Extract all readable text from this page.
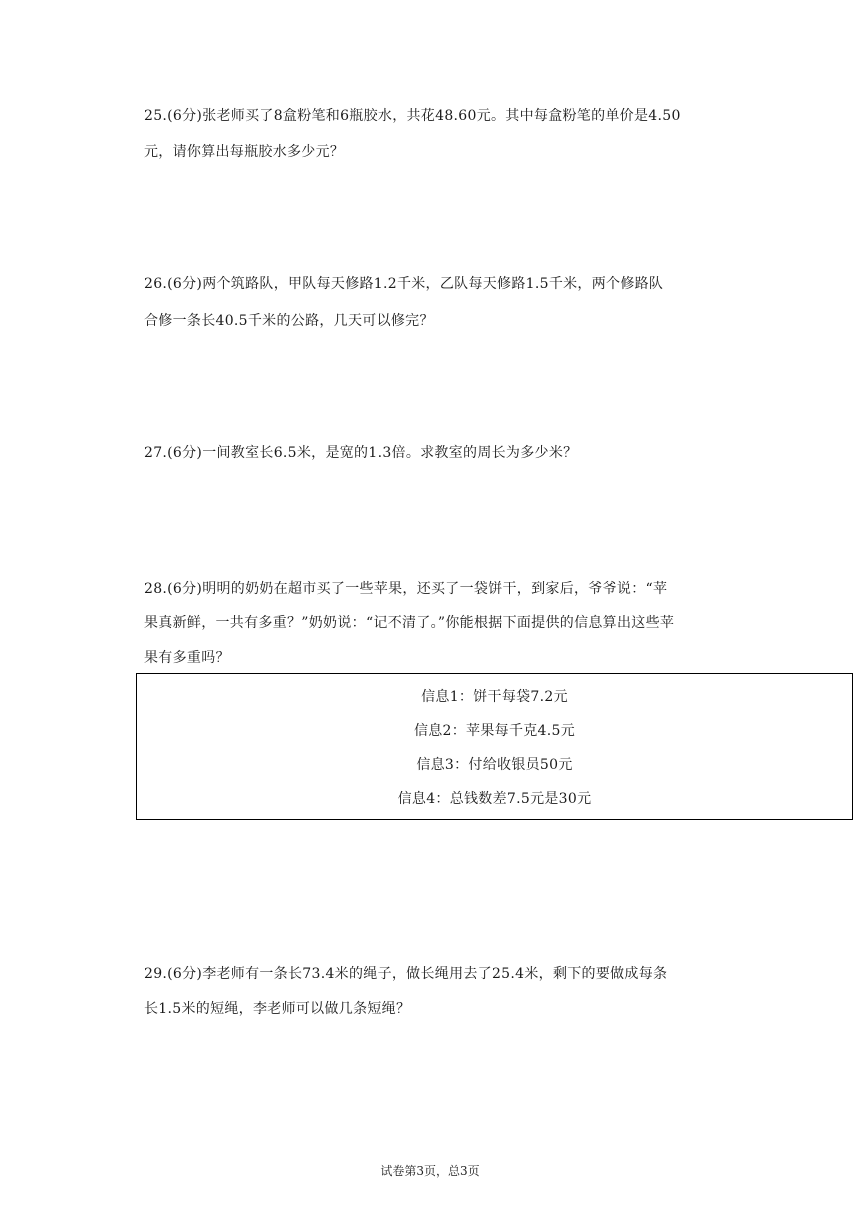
25.(6分)张老师买了8盒粉笔和6瓶胶水，共花48.60元。其中每盒粉笔的单价是4.50
元，请你算出每瓶胶水多少元？
26.(6分)两个筑路队，甲队每天修路1.2千米，乙队每天修路1.5千米，两个修路队
合修一条长40.5千米的公路，几天可以修完？
27.(6分)一间教室长6.5米，是宽的1.3倍。求教室的周长为多少米？
28.(6分)明明的奶奶在超市买了一些苹果，还买了一袋饼干，到家后，爷爷说：“苹
果真新鲜，一共有多重？”奶奶说：“记不清了。”你能根据下面提供的信息算出这些苹
果有多重吗？
信息1：饼干每袋7.2元
信息2：苹果每千克4.5元
信息3：付给收银员50元
信息4：总钱数差7.5元是30元
29.(6分)李老师有一条长73.4米的绳子，做长绳用去了25.4米，剩下的要做成每条
长1.5米的短绳，李老师可以做几条短绳？
试卷第3页，总3页
